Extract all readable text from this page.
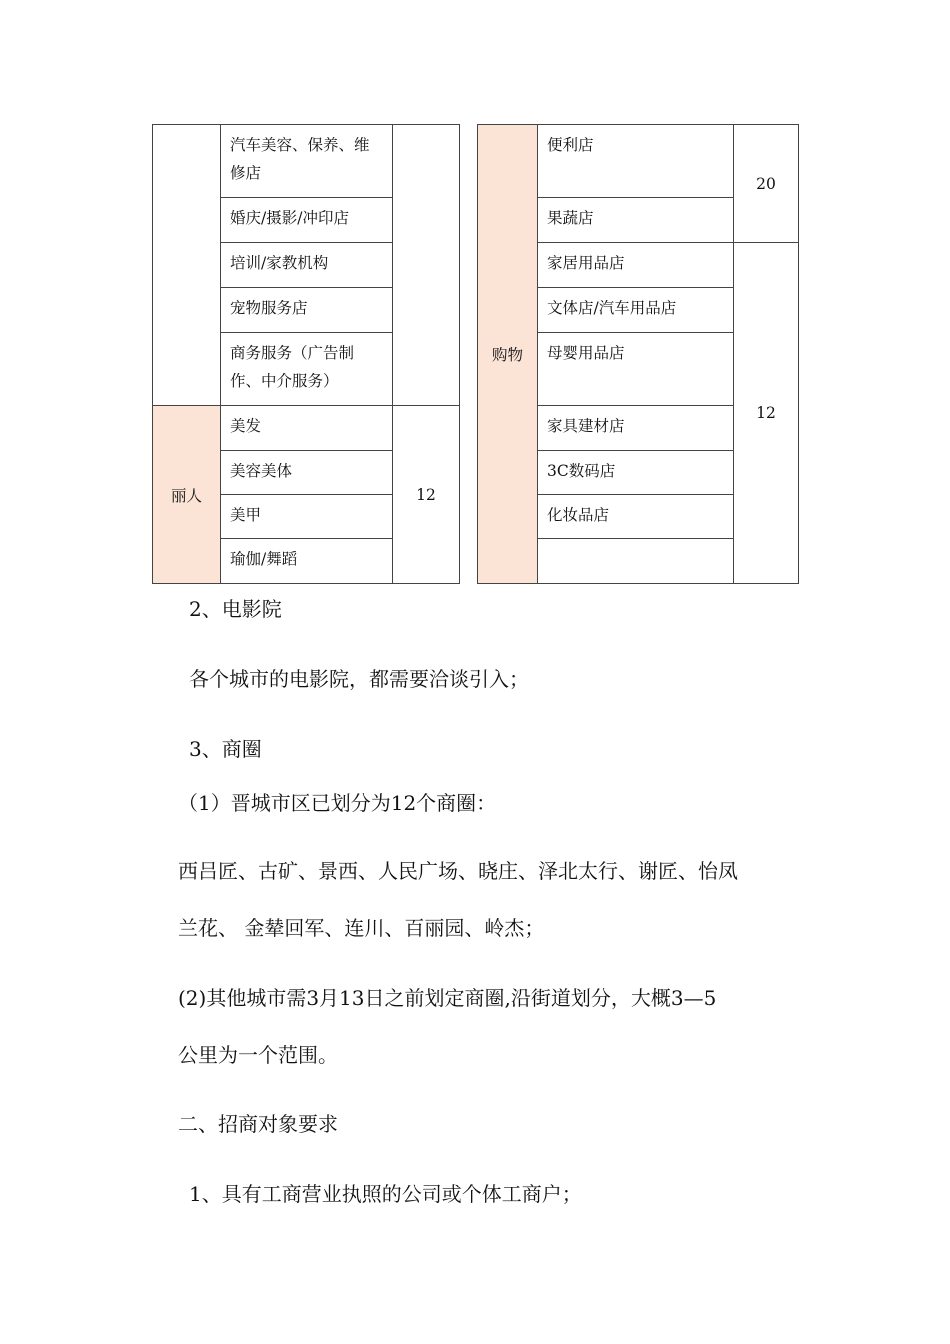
	汽车美容、保养、维修店	
	婚庆/摄影/冲印店	
	培训/家教机构	
	宠物服务店	
	商务服务（广告制作、中介服务）	
丽人	美发	12
	美容美体	
	美甲	
	瑜伽/舞蹈	
购物	便利店	20	
	果蔬店		
	家居用品店	12	
	文体店/汽车用品店		
	母婴用品店		
	家具建材店		
	3C数码店		
	化妆品店		

2、电影院
各个城市的电影院，都需要洽谈引入；
3、商圈
（1）晋城市区已划分为12个商圈：
西吕匠、古矿、景西、人民广场、晓庄、泽北太行、谢匠、怡凤
兰花、 金辇回军、连川、百丽园、岭杰；
(2)其他城市需3月13日之前划定商圈,沿街道划分，大概3—5
公里为一个范围。
二、招商对象要求
1、具有工商营业执照的公司或个体工商户；
